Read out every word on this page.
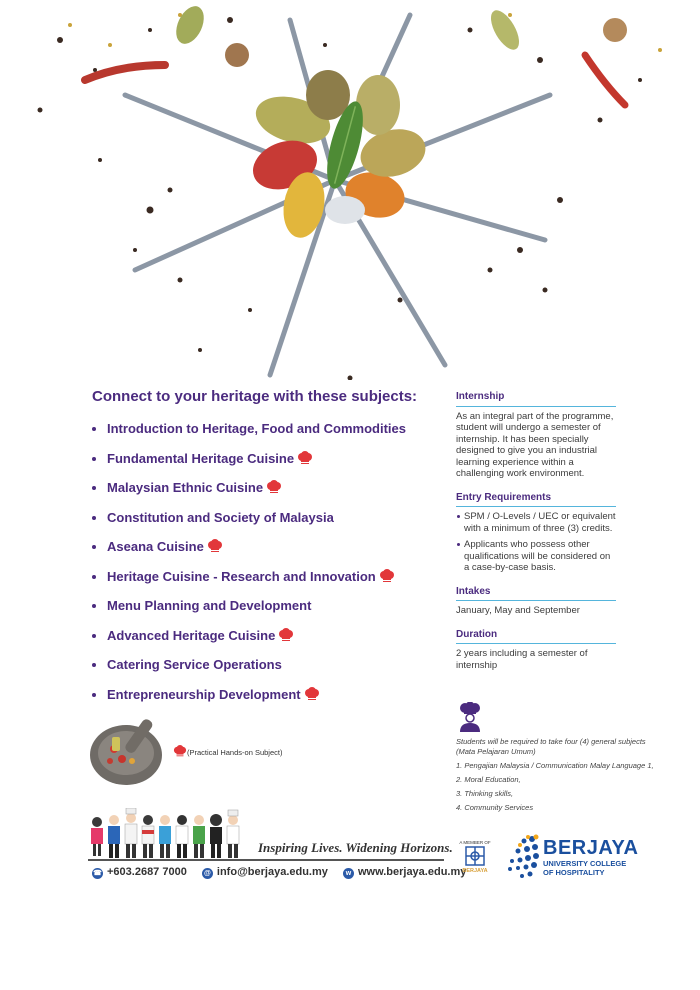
Connect to your heritage with these subjects:
Introduction to Heritage, Food and Commodities
Fundamental Heritage Cuisine
Malaysian Ethnic Cuisine
Constitution and Society of Malaysia
Aseana Cuisine
Heritage Cuisine - Research and Innovation
Menu Planning and Development
Advanced Heritage Cuisine
Catering Service Operations
Entrepreneurship Development
Internship
As an integral part of the programme, student will undergo a semester of internship. It has been specially designed to give you an industrial learning experience within a challenging work environment.
Entry Requirements
SPM / O-Levels / UEC or equivalent with a minimum of three (3) credits.
Applicants who possess other qualifications will be considered on a case-by-case basis.
Intakes
January, May and September
Duration
2 years including a semester of internship
Students will be required to take four (4) general subjects (Mata Pelajaran Umum)
1. Pengajian Malaysia / Communication Malay Language 1,
2. Moral Education,
3. Thinking skills,
4. Community Services
(Practical Hands-on Subject)
Inspiring Lives. Widening Horizons.
☎ +603.2687 7000 @ info@berjaya.edu.my	w www.berjaya.edu.my
A MEMBER OF
BERJAYA
BERJAYA
UNIVERSITY COLLEGE
OF HOSPITALITY
